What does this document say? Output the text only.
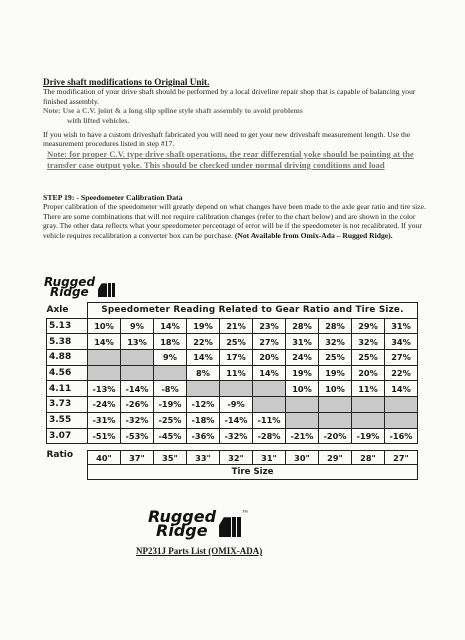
Drive shaft modifications to Original Unit.

The modification of your drive shaft should be performed by a local driveline repair shop that is capable of balancing your finished assembly.

Note: Use a C.V. joint & a long slip spline style shaft assembly to avoid problems

with lifted vehicles.

If you wish to have a custom driveshaft fabricated you will need to get your new driveshaft measurement length. Use the measurement procedures listed in step #17.

Note: for proper C.V. type drive shaft operations, the rear differential yoke should be pointing at the transfer case output yoke. This should be checked under normal driving conditions and load

STEP 19: - Speedometer Calibration Data

Proper calibration of the speedometer will greatly depend on what changes have been made to the axle gear ratio and tire size. There are some combinations that will not require calibration changes (refer to the chart below) and are shown in the color gray. The other data reflects what your speedometer percentage of error will be if the speedometer is not recalibrated. If your vehicle requires recalibration a converter box can be purchase. (Not Available from Omix-Ada – Rugged Ridge).

Rugged
Ridge
Axle	Speedometer Reading Related to Gear Ratio and Tire Size.									
5.13	10%	9%	14%	19%	21%	23%	28%	28%	29%	31%
5.38	14%	13%	18%	22%	25%	27%	31%	32%	32%	34%
4.88			9%	14%	17%	20%	24%	25%	25%	27%
4.56				8%	11%	14%	19%	19%	20%	22%
4.11	-13%	-14%	-8%				10%	10%	11%	14%
3.73	-24%	-26%	-19%	-12%	-9%					
3.55	-31%	-32%	-25%	-18%	-14%	-11%				
3.07	-51%	-53%	-45%	-36%	-32%	-28%	-21%	-20%	-19%	-16%

Ratio										
	40"	37"	35"	33"	32"	31"	30"	29"	28"	27"
	Tire Size									
Rugged
Ridge
™
NP231J Parts List (OMIX-ADA)
